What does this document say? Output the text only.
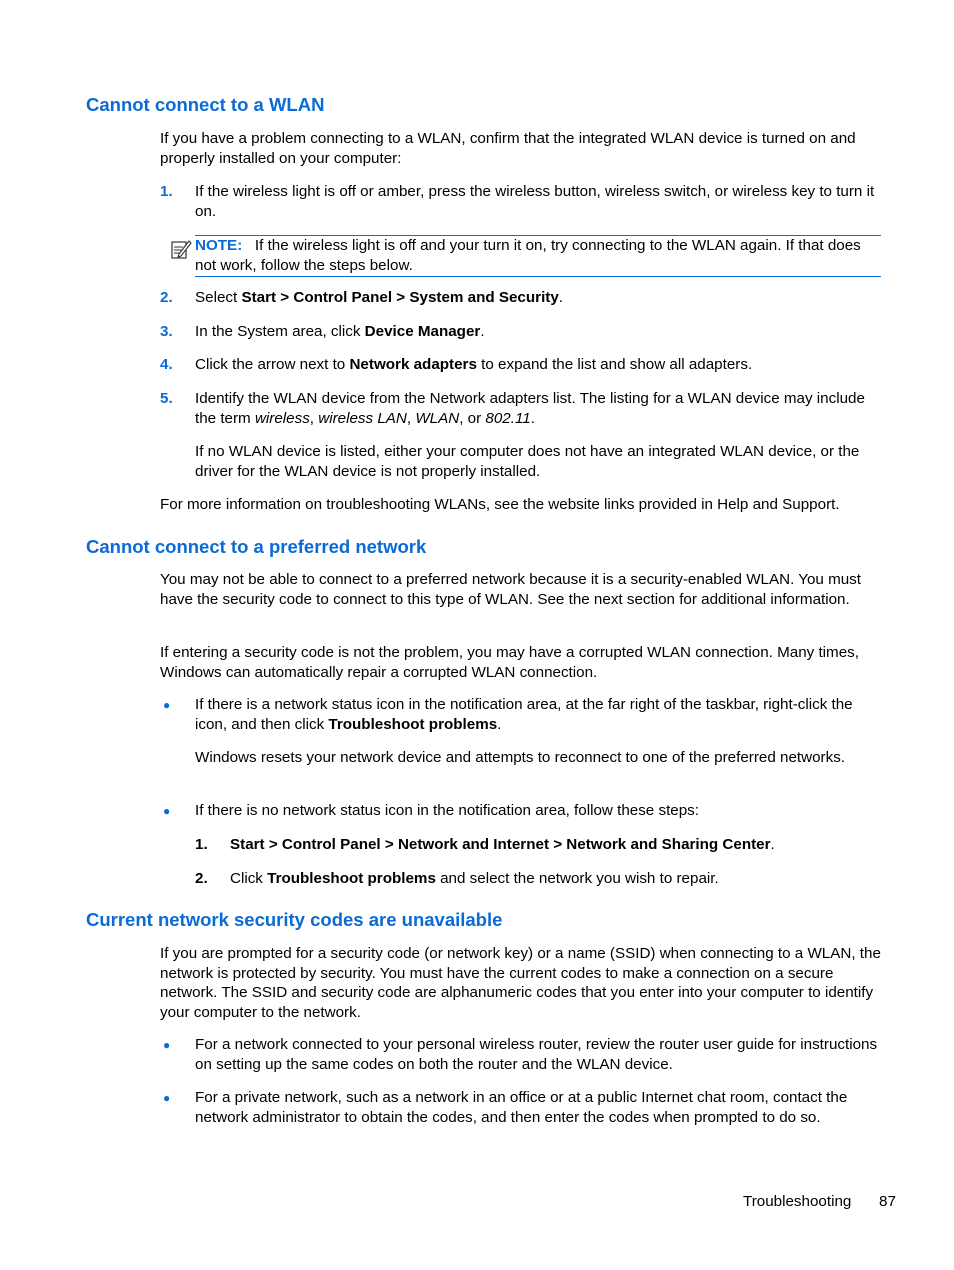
Cannot connect to a WLAN

If you have a problem connecting to a WLAN, confirm that the integrated WLAN device is turned on and properly installed on your computer:

1. If the wireless light is off or amber, press the wireless button, wireless switch, or wireless key to turn it on.

NOTE: If the wireless light is off and your turn it on, try connecting to the WLAN again. If that does not work, follow the steps below.

2. Select Start > Control Panel > System and Security.

3. In the System area, click Device Manager.

4. Click the arrow next to Network adapters to expand the list and show all adapters.

5. Identify the WLAN device from the Network adapters list. The listing for a WLAN device may include the term wireless, wireless LAN, WLAN, or 802.11.

If no WLAN device is listed, either your computer does not have an integrated WLAN device, or the driver for the WLAN device is not properly installed.

For more information on troubleshooting WLANs, see the website links provided in Help and Support.

Cannot connect to a preferred network

You may not be able to connect to a preferred network because it is a security-enabled WLAN. You must have the security code to connect to this type of WLAN. See the next section for additional information.

If entering a security code is not the problem, you may have a corrupted WLAN connection. Many times, Windows can automatically repair a corrupted WLAN connection.

● If there is a network status icon in the notification area, at the far right of the taskbar, right-click the icon, and then click Troubleshoot problems.

Windows resets your network device and attempts to reconnect to one of the preferred networks.

● If there is no network status icon in the notification area, follow these steps:

1. Start > Control Panel > Network and Internet > Network and Sharing Center.

2. Click Troubleshoot problems and select the network you wish to repair.

Current network security codes are unavailable

If you are prompted for a security code (or network key) or a name (SSID) when connecting to a WLAN, the network is protected by security. You must have the current codes to make a connection on a secure network. The SSID and security code are alphanumeric codes that you enter into your computer to identify your computer to the network.

● For a network connected to your personal wireless router, review the router user guide for instructions on setting up the same codes on both the router and the WLAN device.

● For a private network, such as a network in an office or at a public Internet chat room, contact the network administrator to obtain the codes, and then enter the codes when prompted to do so.

Troubleshooting 87
